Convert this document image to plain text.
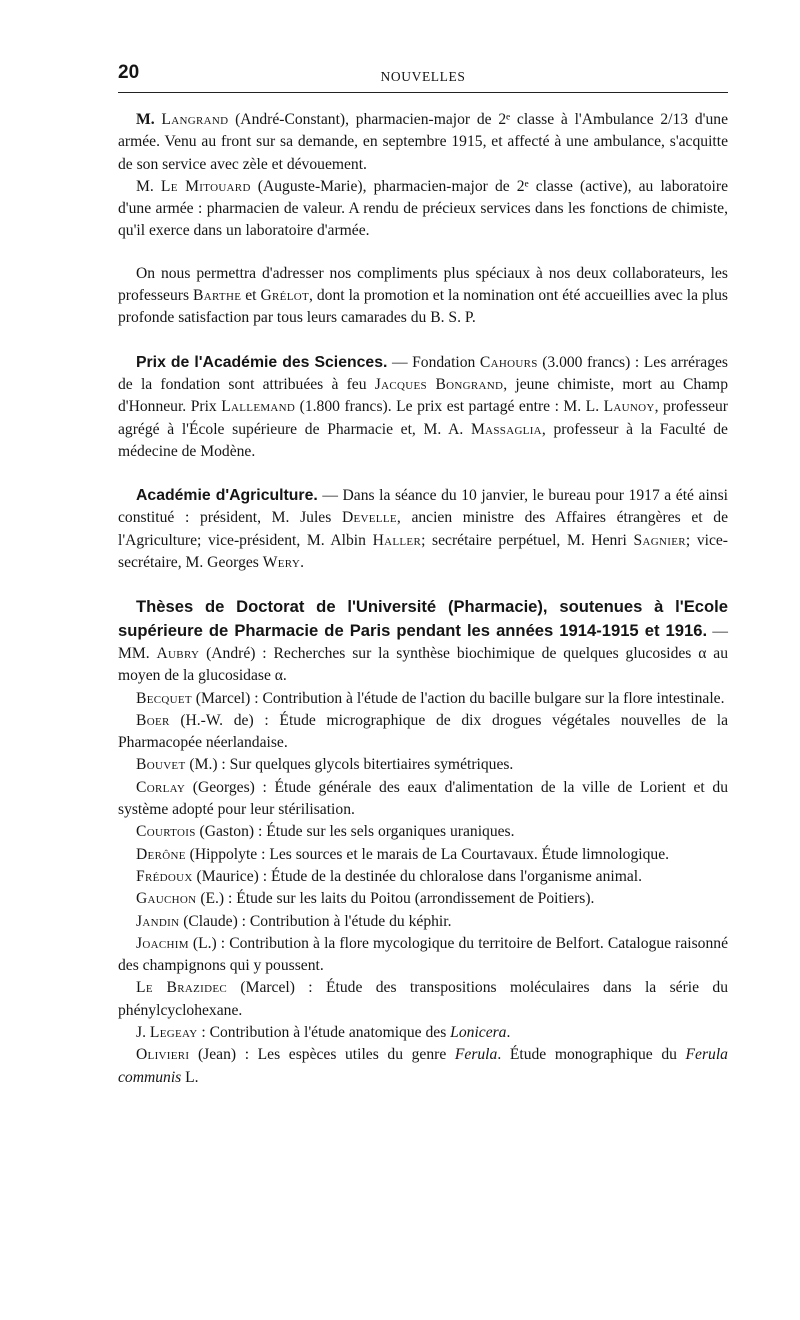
20	NOUVELLES

M. Langrand (André-Constant), pharmacien-major de 2ᵉ classe à l'Ambulance 2/13 d'une armée. Venu au front sur sa demande, en septembre 1915, et affecté à une ambulance, s'acquitte de son service avec zèle et dévouement.

M. Le Mitouard (Auguste-Marie), pharmacien-major de 2ᵉ classe (active), au laboratoire d'une armée : pharmacien de valeur. A rendu de précieux services dans les fonctions de chimiste, qu'il exerce dans un laboratoire d'armée.

On nous permettra d'adresser nos compliments plus spéciaux à nos deux collaborateurs, les professeurs Barthe et Grélot, dont la promotion et la nomination ont été accueillies avec la plus profonde satisfaction par tous leurs camarades du B. S. P.

Prix de l'Académie des Sciences. — Fondation Cahours (3.000 francs) : Les arrérages de la fondation sont attribuées à feu Jacques Bongrand, jeune chimiste, mort au Champ d'Honneur. Prix Lallemand (1.800 francs). Le prix est partagé entre : M. L. Launoy, professeur agrégé à l'École supérieure de Pharmacie et, M. A. Massaglia, professeur à la Faculté de médecine de Modène.

Académie d'Agriculture. — Dans la séance du 10 janvier, le bureau pour 1917 a été ainsi constitué : président, M. Jules Develle, ancien ministre des Affaires étrangères et de l'Agriculture; vice-président, M. Albin Haller; secrétaire perpétuel, M. Henri Sagnier; vice-secrétaire, M. Georges Wery.

Thèses de Doctorat de l'Université (Pharmacie), soutenues à l'Ecole supérieure de Pharmacie de Paris pendant les années 1914-1915 et 1916. — MM. Aubry (André) : Recherches sur la synthèse biochimique de quelques glucosides α au moyen de la glucosidase α.

Becquet (Marcel) : Contribution à l'étude de l'action du bacille bulgare sur la flore intestinale.

Boer (H.-W. de) : Étude micrographique de dix drogues végétales nouvelles de la Pharmacopée néerlandaise.

Bouvet (M.) : Sur quelques glycols bitertiaires symétriques.

Corlay (Georges) : Étude générale des eaux d'alimentation de la ville de Lorient et du système adopté pour leur stérilisation.

Courtois (Gaston) : Étude sur les sels organiques uraniques.

Derône (Hippolyte : Les sources et le marais de La Courtavaux. Étude limnologique.

Frédoux (Maurice) : Étude de la destinée du chloralose dans l'organisme animal.

Gauchon (E.) : Étude sur les laits du Poitou (arrondissement de Poitiers).

Jandin (Claude) : Contribution à l'étude du képhir.

Joachim (L.) : Contribution à la flore mycologique du territoire de Belfort. Catalogue raisonné des champignons qui y poussent.

Le Brazidec (Marcel) : Étude des transpositions moléculaires dans la série du phénylcyclohexane.

J. Legeay : Contribution à l'étude anatomique des Lonicera.

Olivieri (Jean) : Les espèces utiles du genre Ferula. Étude monographique du Ferula communis L.
